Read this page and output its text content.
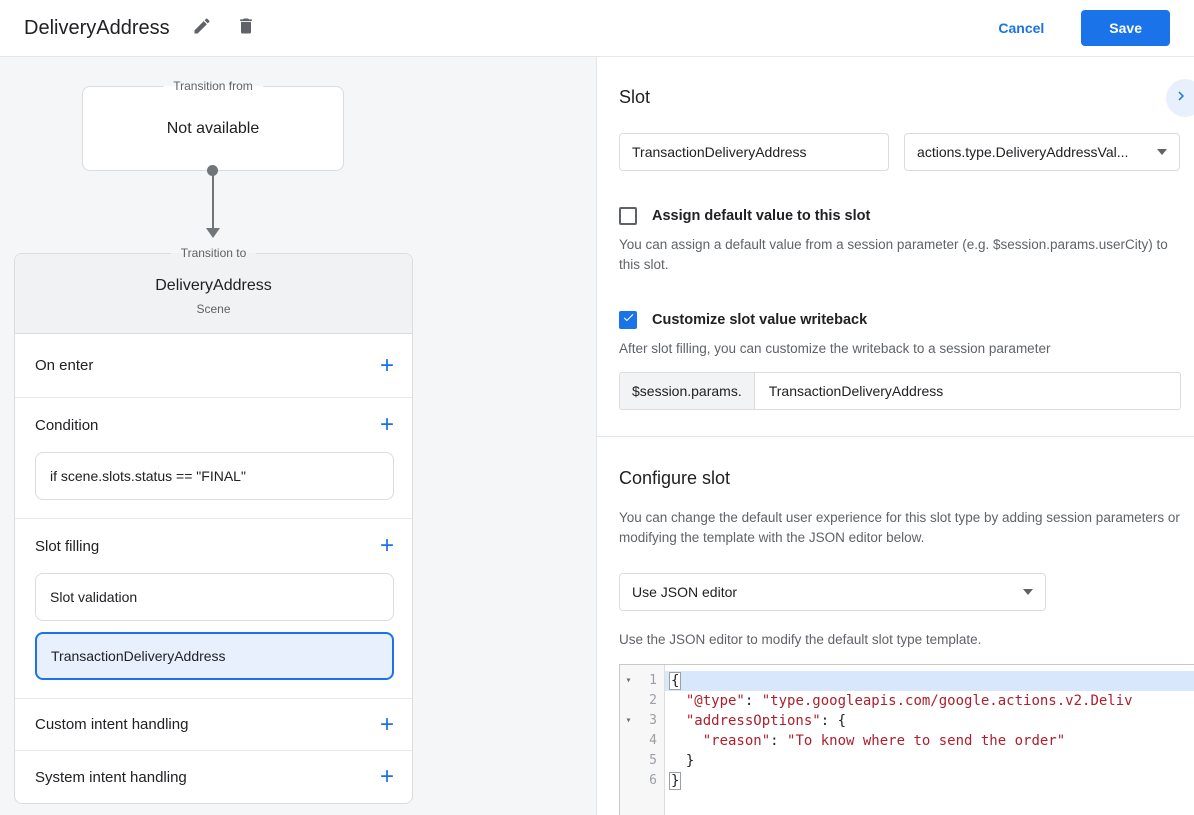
DeliveryAddress	Cancel	Save
Transition from
Not available
Transition to
DeliveryAddress
Scene
On enter	+
Condition	+
if scene.slots.status == "FINAL"
Slot filling	+
Slot validation
TransactionDeliveryAddress
Custom intent handling	+
System intent handling	+
Slot
TransactionDeliveryAddress	actions.type.DeliveryAddressVal...
Assign default value to this slot
You can assign a default value from a session parameter (e.g. $session.params.userCity) to this slot.
Customize slot value writeback
After slot filling, you can customize the writeback to a session parameter
$session.params.	TransactionDeliveryAddress
Configure slot
You can change the default user experience for this slot type by adding session parameters or modifying the template with the JSON editor below.
Use JSON editor
Use the JSON editor to modify the default slot type template.
▾	1
2
▾	3
4
5
6
{
"@type": "type.googleapis.com/google.actions.v2.Deliv
"addressOptions": {
"reason": "To know where to send the order"
}
}
